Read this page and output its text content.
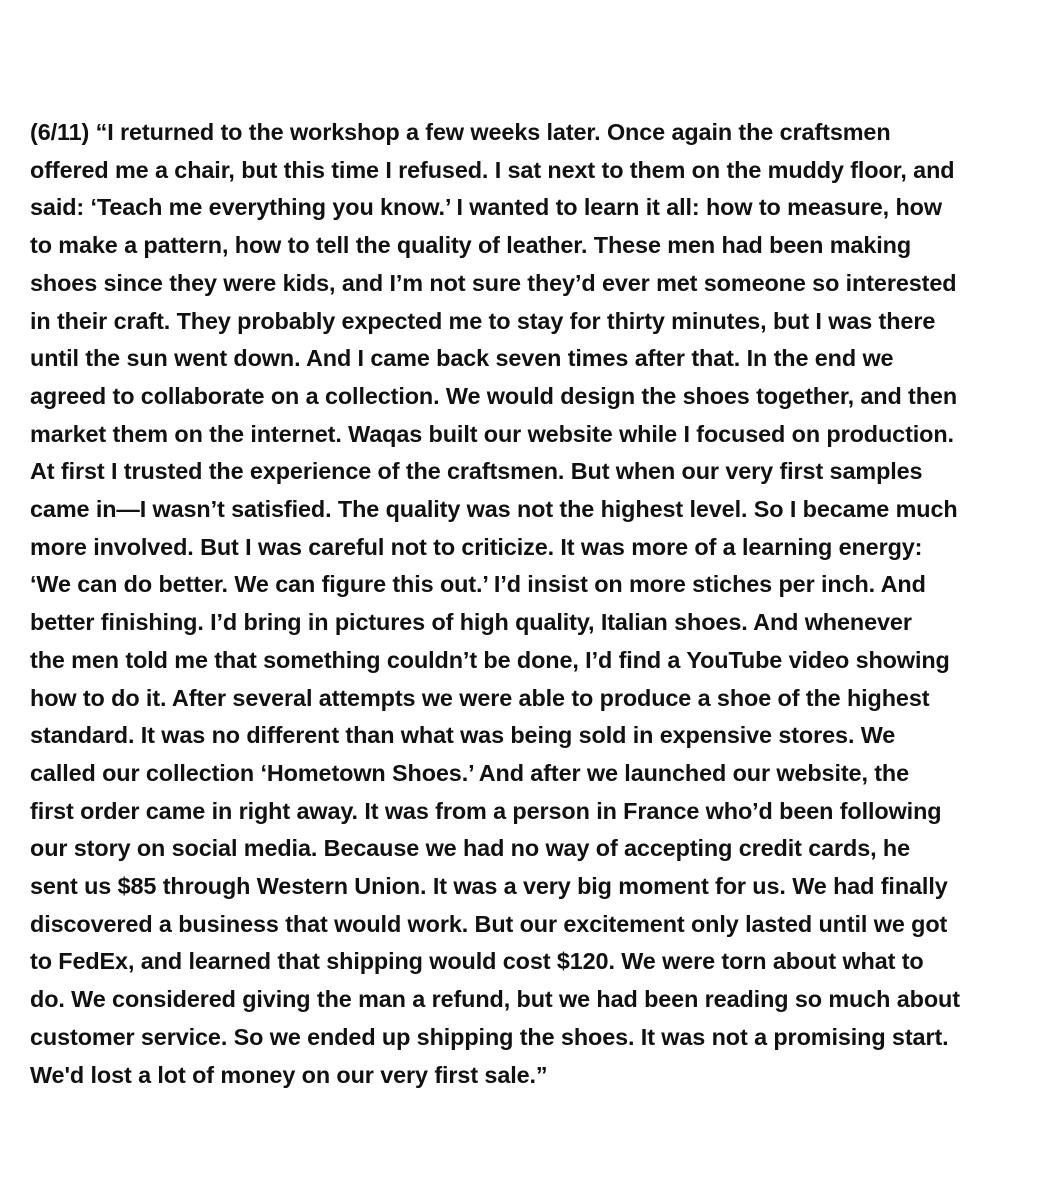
(6/11) “I returned to the workshop a few weeks later. Once again the craftsmen
offered me a chair, but this time I refused. I sat next to them on the muddy floor, and
said: ‘Teach me everything you know.’ I wanted to learn it all: how to measure, how
to make a pattern, how to tell the quality of leather. These men had been making
shoes since they were kids, and I’m not sure they’d ever met someone so interested
in their craft. They probably expected me to stay for thirty minutes, but I was there
until the sun went down. And I came back seven times after that. In the end we
agreed to collaborate on a collection. We would design the shoes together, and then
market them on the internet. Waqas built our website while I focused on production.
At first I trusted the experience of the craftsmen. But when our very first samples
came in—I wasn’t satisfied. The quality was not the highest level. So I became much
more involved. But I was careful not to criticize. It was more of a learning energy:
‘We can do better. We can figure this out.’ I’d insist on more stiches per inch. And
better finishing. I’d bring in pictures of high quality, Italian shoes. And whenever
the men told me that something couldn’t be done, I’d find a YouTube video showing
how to do it. After several attempts we were able to produce a shoe of the highest
standard. It was no different than what was being sold in expensive stores. We
called our collection ‘Hometown Shoes.’ And after we launched our website, the
first order came in right away. It was from a person in France who’d been following
our story on social media. Because we had no way of accepting credit cards, he
sent us $85 through Western Union. It was a very big moment for us. We had finally
discovered a business that would work. But our excitement only lasted until we got
to FedEx, and learned that shipping would cost $120. We were torn about what to
do. We considered giving the man a refund, but we had been reading so much about
customer service. So we ended up shipping the shoes. It was not a promising start.
We'd lost a lot of money on our very first sale.”
